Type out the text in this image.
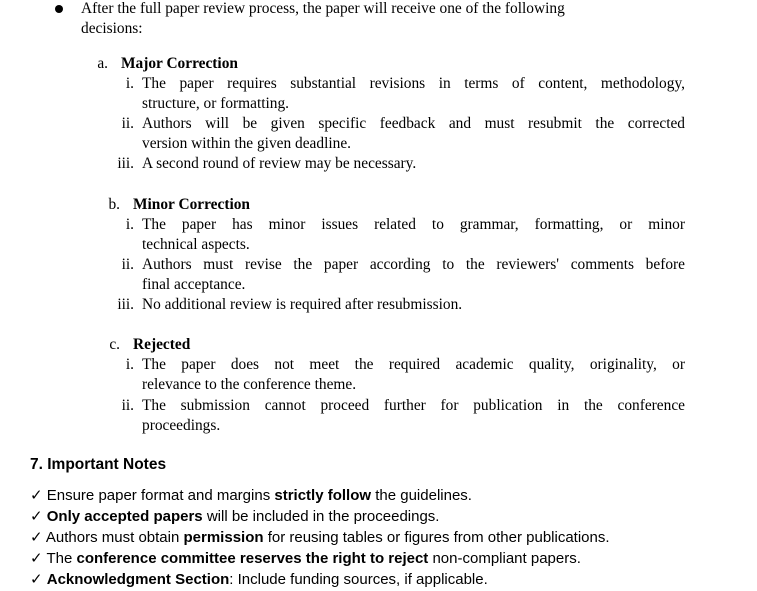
After the full paper review process, the paper will receive one of the following
decisions:
a. Major Correction
i. The paper requires substantial revisions in terms of content, methodology,
structure, or formatting.
ii. Authors will be given specific feedback and must resubmit the corrected
version within the given deadline.
iii. A second round of review may be necessary.
b. Minor Correction
i. The paper has minor issues related to grammar, formatting, or minor
technical aspects.
ii. Authors must revise the paper according to the reviewers' comments before
final acceptance.
iii. No additional review is required after resubmission.
c. Rejected
i. The paper does not meet the required academic quality, originality, or
relevance to the conference theme.
ii. The submission cannot proceed further for publication in the conference
proceedings.
7. Important Notes
✓ Ensure paper format and margins strictly follow the guidelines.
✓ Only accepted papers will be included in the proceedings.
✓ Authors must obtain permission for reusing tables or figures from other publications.
✓ The conference committee reserves the right to reject non-compliant papers.
✓ Acknowledgment Section: Include funding sources, if applicable.
